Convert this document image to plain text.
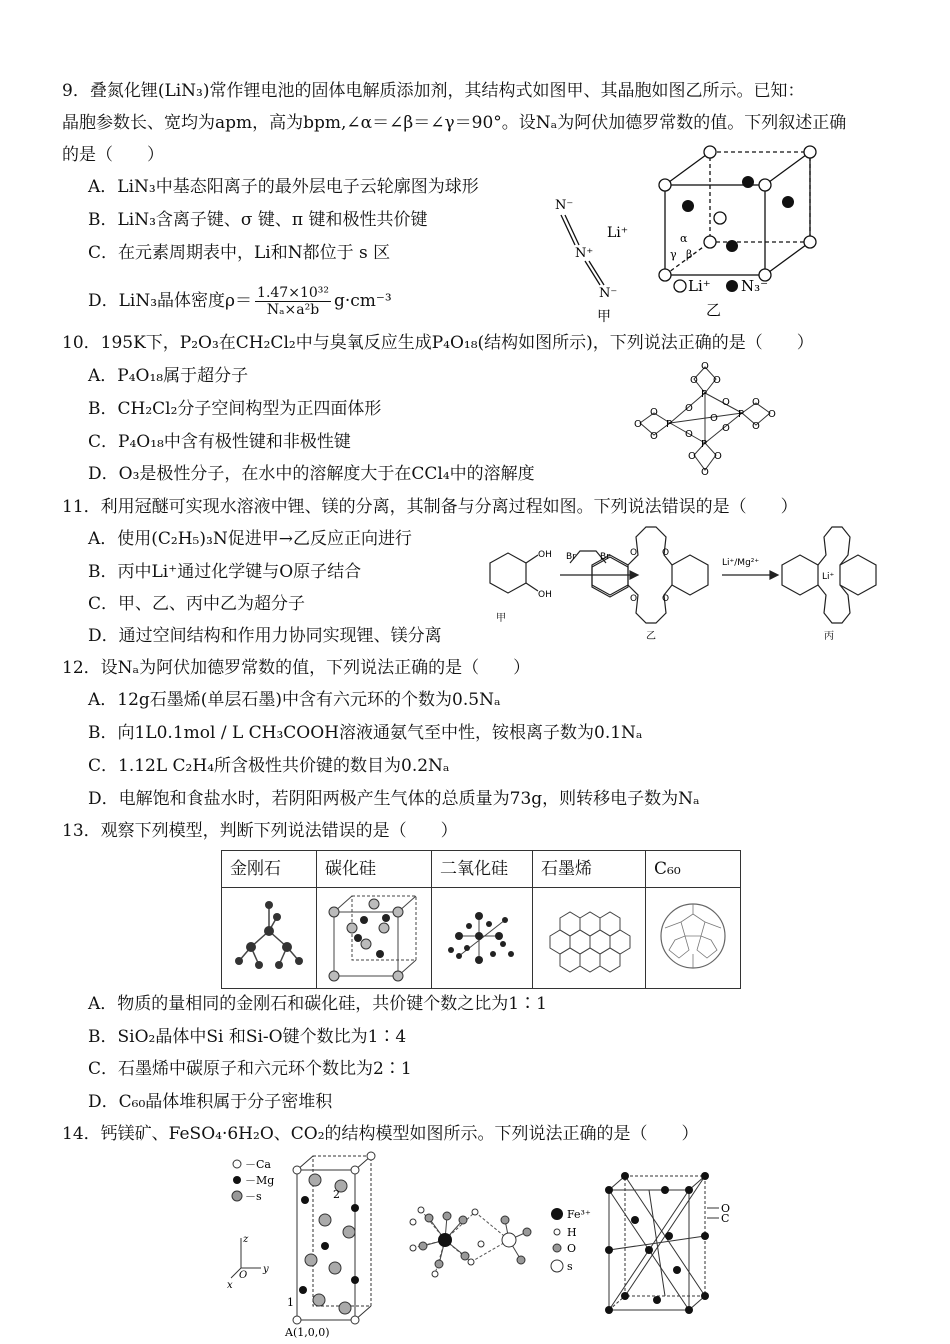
9．叠氮化锂(LiN₃)常作锂电池的固体电解质添加剂，其结构式如图甲、其晶胞如图乙所示。已知：
晶胞参数长、宽均为apm，高为bpm,∠α＝∠β＝∠γ＝90°。设Nₐ为阿伏加德罗常数的值。下列叙述正确
的是（　　）
A．LiN₃中基态阳离子的最外层电子云轮廓图为球形
B．LiN₃含离子键、σ 键、π 键和极性共价键
C．在元素周期表中，Li和N都位于 s 区
D．LiN₃晶体密度$\rho= \frac{\text{1.47×10³²}}{\text{Nₐ×a²b}} g\cdot cm^{-3}$
N⁻
N⁺
N⁻
Li⁺
甲
α
γ β
Li⁺ N₃⁻
乙
10．195K下，P₂O₃在CH₂Cl₂中与臭氧反应生成P₄O₁₈(结构如图所示)，下列说法正确的是（　　）
A．P₄O₁₈属于超分子
B．CH₂Cl₂分子空间构型为正四面体形
C．P₄O₁₈中含有极性键和非极性键
D．O₃是极性分子，在水中的溶解度大于在CCl₄中的溶解度
P
P
P
P
O
O O
O
O
O
O
O
O
O
O O
O
O
O
O
O
11．利用冠醚可实现水溶液中锂、镁的分离，其制备与分离过程如图。下列说法错误的是（　　）
A．使用(C₂H₅)₃N促进甲→乙反应正向进行
B．丙中Li⁺通过化学键与O原子结合
C．甲、乙、丙中乙为超分子
D．通过空间结构和作用力协同实现锂、镁分离
OH
OH
Br	Br O	O
O	O
Li⁺/Mg²⁺
Li⁺
甲
乙	丙
12．设Nₐ为阿伏加德罗常数的值，下列说法正确的是（　　）
A．12g石墨烯(单层石墨)中含有六元环的个数为0.5Nₐ
B．向1L0.1mol / L CH₃COOH溶液通氨气至中性，铵根离子数为0.1Nₐ
C．1.12L C₂H₄所含极性共价键的数目为0.2Nₐ
D．电解饱和食盐水时，若阴阳两极产生气体的总质量为73g，则转移电子数为Nₐ
13．观察下列模型，判断下列说法错误的是（　　）
金刚石	碳化硅	二氧化硅	石墨烯	C₆₀

A．物质的量相同的金刚石和碳化硅，共价键个数之比为1∶1
B．SiO₂晶体中Si 和Si-O键个数比为1∶4
C．石墨烯中碳原子和六元环个数比为2∶1
D．C₆₀晶体堆积属于分子密堆积
14．钙镁矿、FeSO₄·6H₂O、CO₂的结构模型如图所示。下列说法正确的是（　　）
－Ca
－Mg
－s
z
y
x
O
2
1
A(1,0,0)
Fe³⁺
H
O
s
O
C
